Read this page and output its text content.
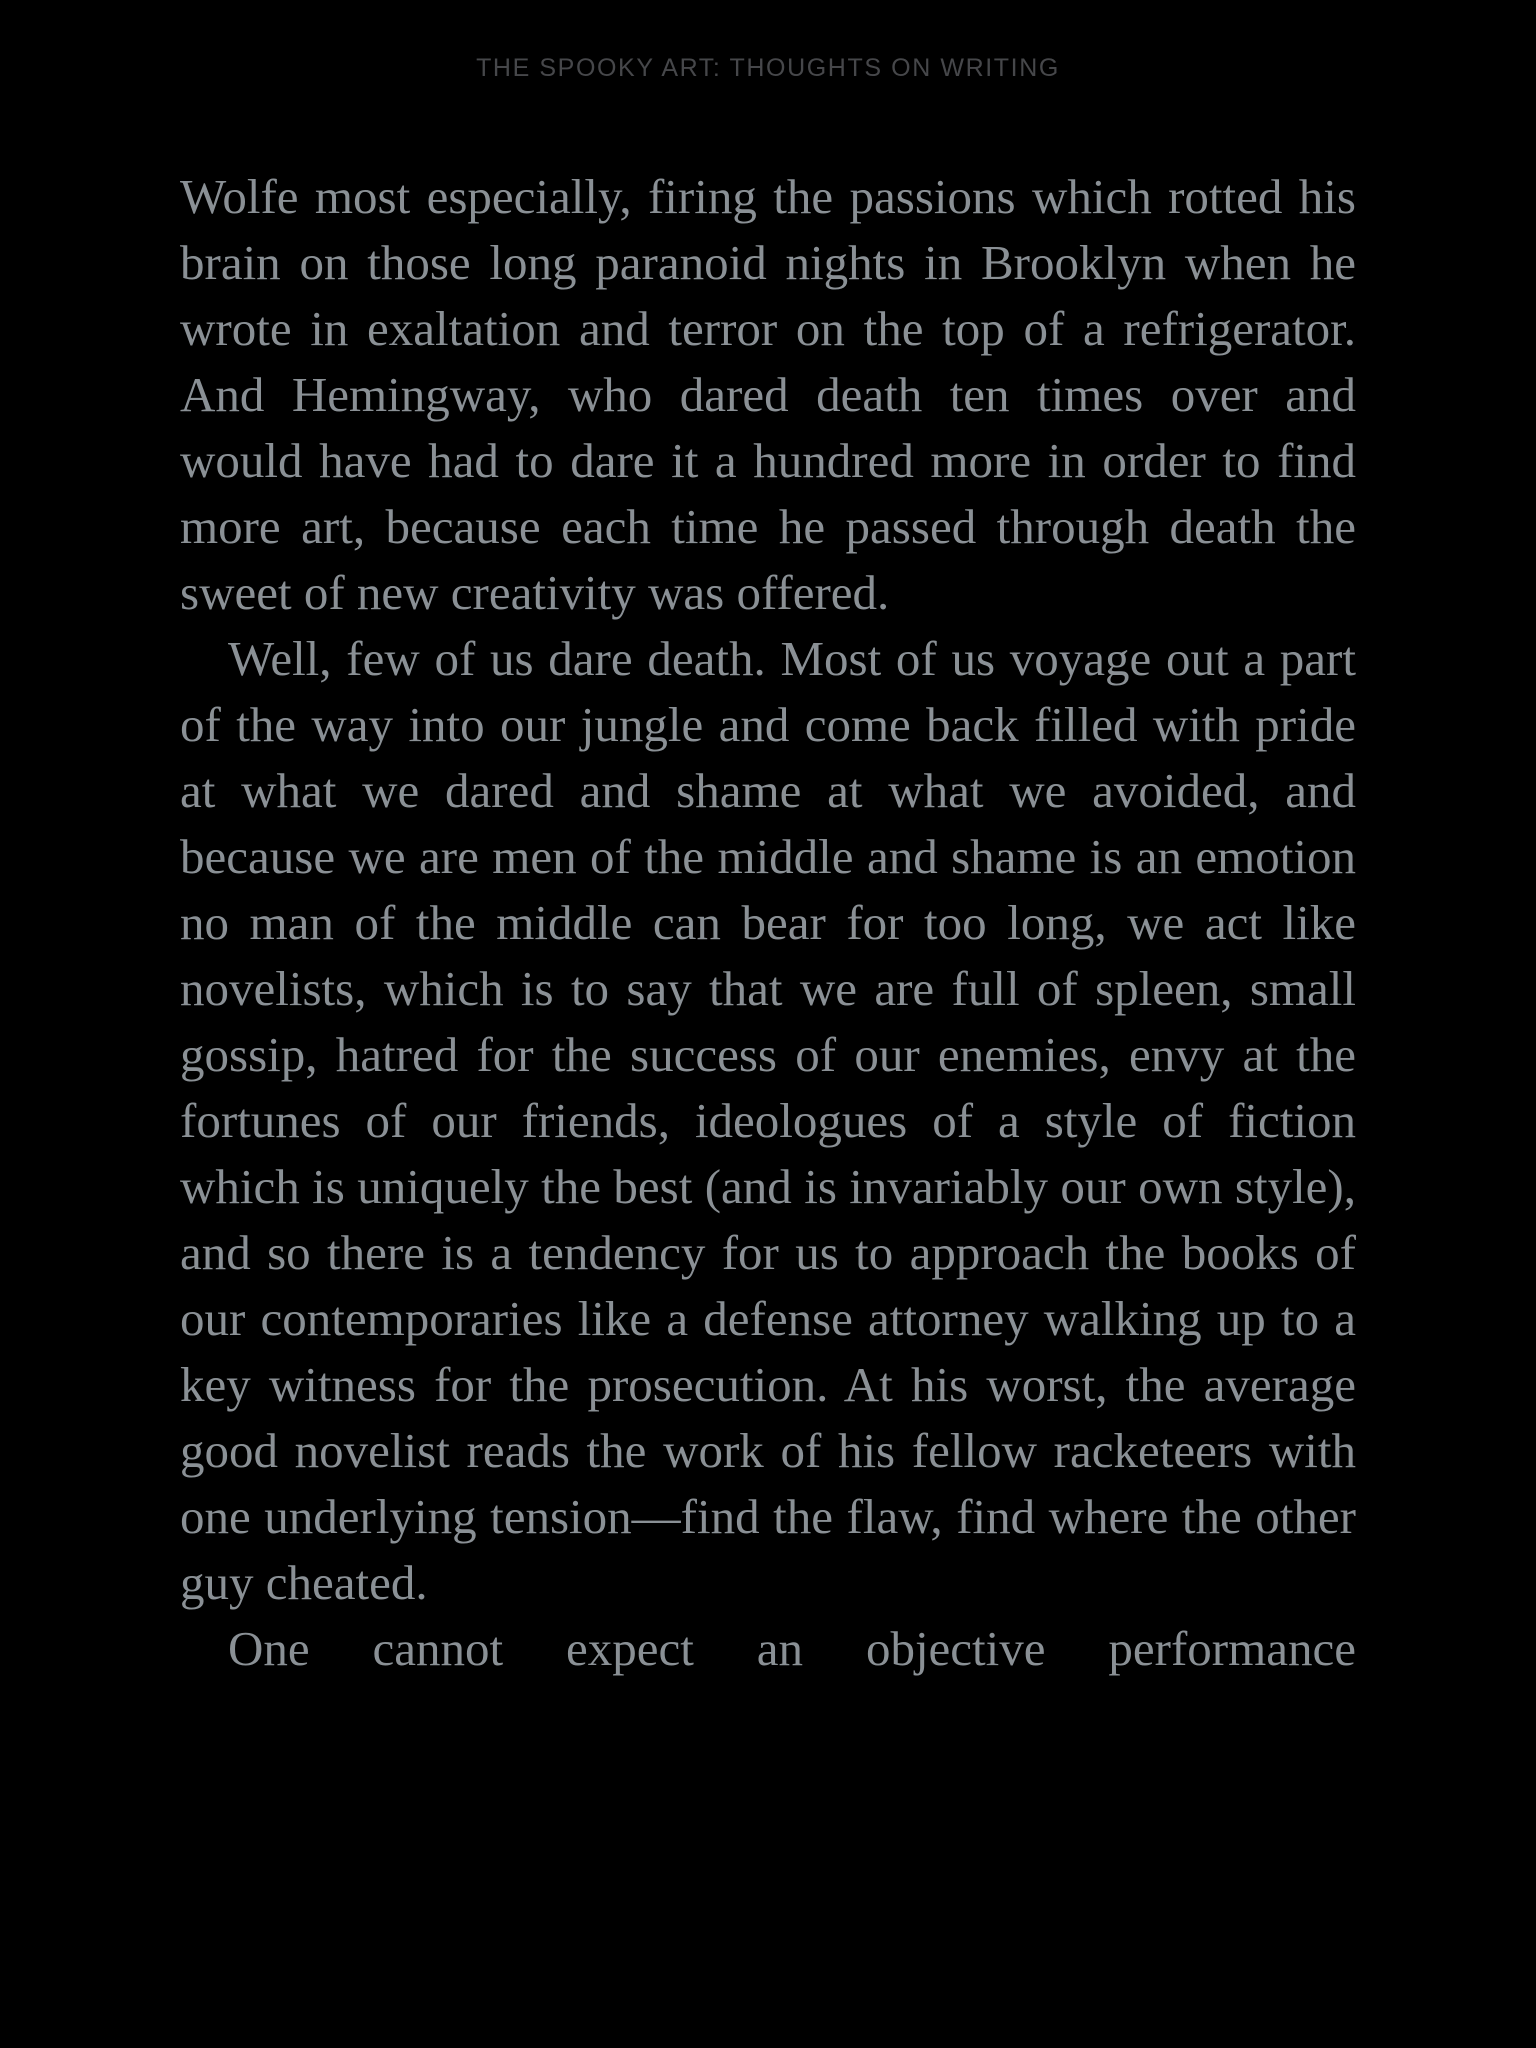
THE SPOOKY ART: THOUGHTS ON WRITING

Wolfe most especially, firing the passions which rotted his brain on those long paranoid nights in Brooklyn when he wrote in exaltation and terror on the top of a refrigerator. And Hemingway, who dared death ten times over and would have had to dare it a hundred more in order to find more art, because each time he passed through death the sweet of new creativity was offered.

Well, few of us dare death. Most of us voyage out a part of the way into our jungle and come back filled with pride at what we dared and shame at what we avoided, and because we are men of the middle and shame is an emotion no man of the middle can bear for too long, we act like novelists, which is to say that we are full of spleen, small gossip, hatred for the success of our enemies, envy at the fortunes of our friends, ideologues of a style of fiction which is uniquely the best (and is invariably our own style), and so there is a tendency for us to approach the books of our contemporaries like a defense attorney walking up to a key witness for the prosecution. At his worst, the average good novelist reads the work of his fellow racketeers with one underlying tension—find the flaw, find where the other guy cheated.

One cannot expect an objective performance
